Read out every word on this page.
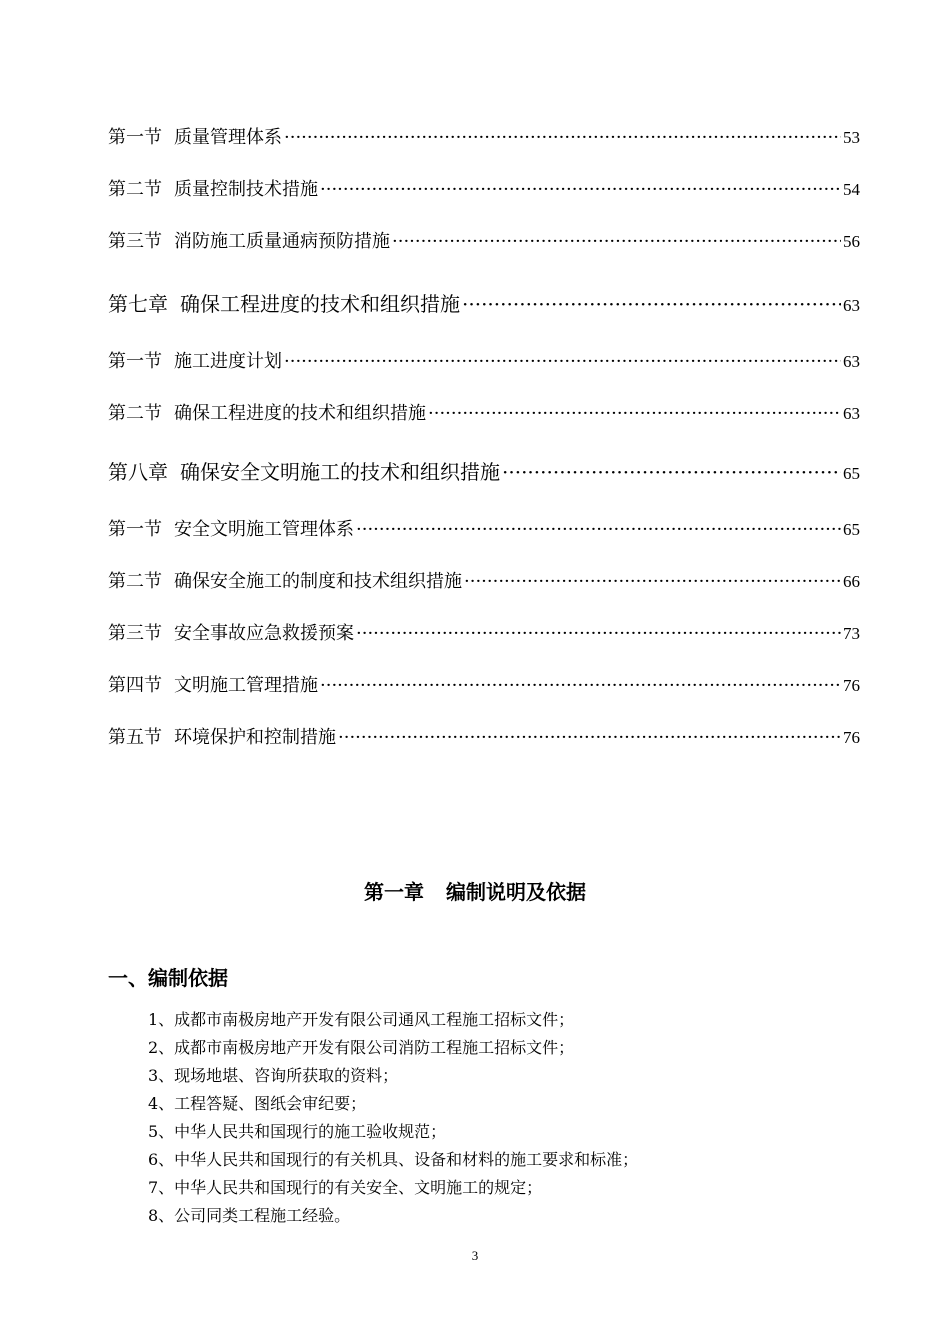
第一节 质量管理体系 ·····	53
第二节 质量控制技术措施 ·····	54
第三节 消防施工质量通病预防措施 ·····	56
第七章 确保工程进度的技术和组织措施 ·····	63
第一节 施工进度计划 ·····	63
第二节 确保工程进度的技术和组织措施 ·····	63
第八章 确保安全文明施工的技术和组织措施 ·····	65
第一节 安全文明施工管理体系 ·····	65
第二节 确保安全施工的制度和技术组织措施 ·····	66
第三节 安全事故应急救援预案 ·····	73
第四节 文明施工管理措施 ·····	76
第五节 环境保护和控制措施 ·····	76
第一章 编制说明及依据
一、编制依据
1、成都市南极房地产开发有限公司通风工程施工招标文件；
2、成都市南极房地产开发有限公司消防工程施工招标文件；
3、现场地堪、咨询所获取的资料；
4、工程答疑、图纸会审纪要；
5、中华人民共和国现行的施工验收规范；
6、中华人民共和国现行的有关机具、设备和材料的施工要求和标准；
7、中华人民共和国现行的有关安全、文明施工的规定；
8、公司同类工程施工经验。
3
